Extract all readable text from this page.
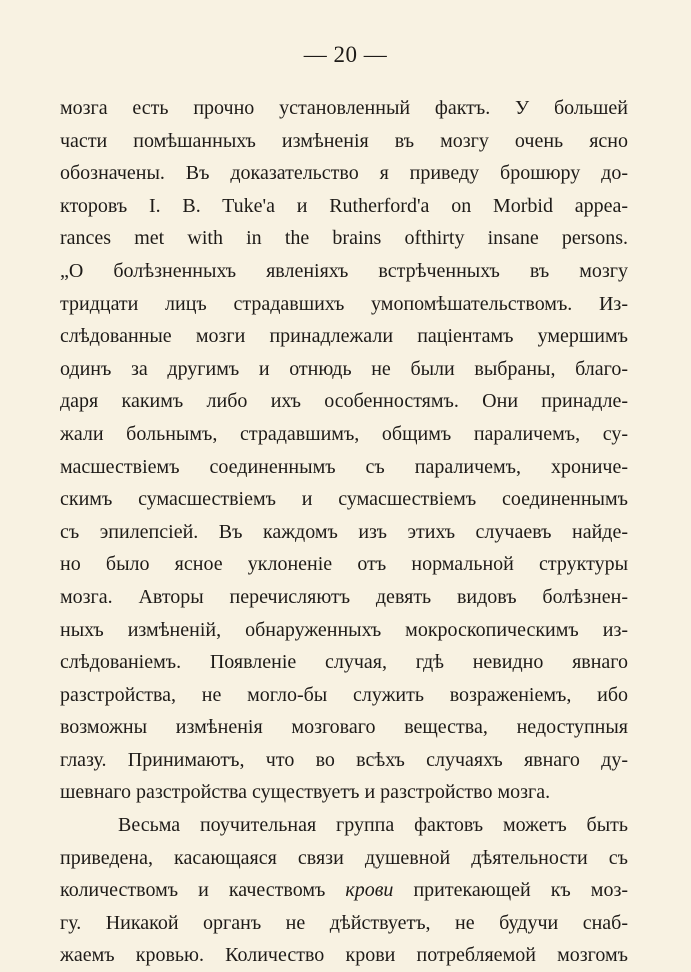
— 20 —
мозга есть прочно установленный фактъ. У большей
части помѣшанныхъ измѣненія въ мозгу очень ясно
обозначены. Въ доказательство я приведу брошюру до-
кторовъ I. B. Tuke'a и Rutherford'a on Morbid appea-
rances met with in the brains ofthirty insane persons.
„О болѣзненныхъ явленіяхъ встрѣченныхъ въ мозгу
тридцати лицъ страдавшихъ умопомѣшательствомъ. Из-
слѣдованные мозги принадлежали паціентамъ умершимъ
одинъ за другимъ и отнюдь не были выбраны, благо-
даря какимъ либо ихъ особенностямъ. Они принадле-
жали больнымъ, страдавшимъ, общимъ параличемъ, су-
масшествіемъ соединеннымъ съ параличемъ, хрониче-
скимъ сумасшествіемъ и сумасшествіемъ соединеннымъ
съ эпилепсіей. Въ каждомъ изъ этихъ случаевъ найде-
но было ясное уклоненіе отъ нормальной структуры
мозга. Авторы перечисляютъ девять видовъ болѣзнен-
ныхъ измѣненій, обнаруженныхъ мокроскопическимъ из-
слѣдованіемъ. Появленіе случая, гдѣ невидно явнаго
разстройства, не могло-бы служить возраженіемъ, ибо
возможны измѣненія мозговаго вещества, недоступныя
глазу. Принимаютъ, что во всѣхъ случаяхъ явнаго ду-
шевнаго разстройства существуетъ и разстройство мозга.
Весьма поучительная группа фактовъ можетъ быть
приведена, касающаяся связи душевной дѣятельности съ
количествомъ и качествомъ крови притекающей къ моз-
гу. Никакой органъ не дѣйствуетъ, не будучи снаб-
жаемъ кровью. Количество крови потребляемой мозгомъ
